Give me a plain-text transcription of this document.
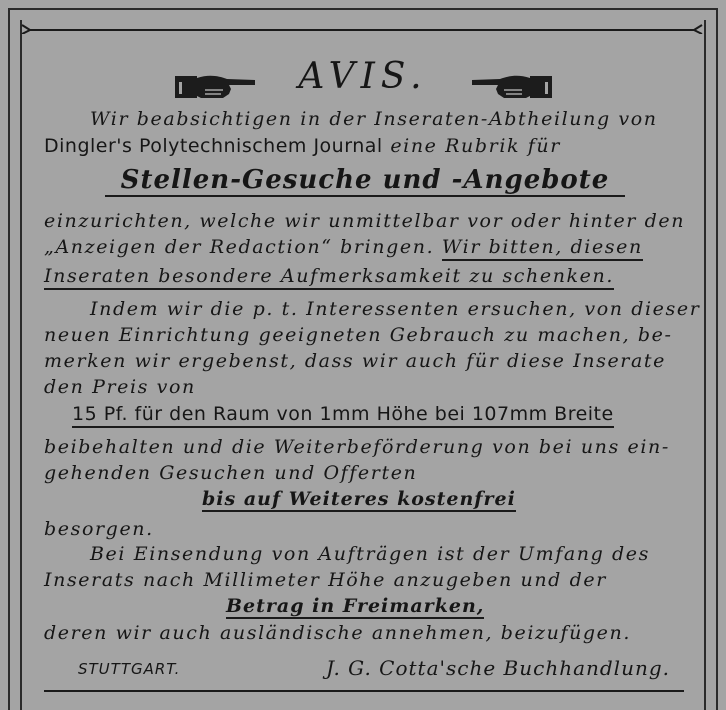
AVIS.
Wir beabsichtigen in der Inseraten-Abtheilung von
Dingler's Polytechnischem Journal eine Rubrik für
Stellen-Gesuche und -Angebote
einzurichten, welche wir unmittelbar vor oder hinter den
„Anzeigen der Redaction“ bringen. Wir bitten, diesen
Inseraten besondere Aufmerksamkeit zu schenken.
Indem wir die p. t. Interessenten ersuchen, von dieser
neuen Einrichtung geeigneten Gebrauch zu machen, be-
merken wir ergebenst, dass wir auch für diese Inserate
den Preis von
15 Pf. für den Raum von 1mm Höhe bei 107mm Breite
beibehalten und die Weiterbeförderung von bei uns ein-
gehenden Gesuchen und Offerten
bis auf Weiteres kostenfrei
besorgen.
Bei Einsendung von Aufträgen ist der Umfang des
Inserats nach Millimeter Höhe anzugeben und der
Betrag in Freimarken,
deren wir auch ausländische annehmen, beizufügen.
STUTTGART.	J. G. Cotta'sche Buchhandlung.
